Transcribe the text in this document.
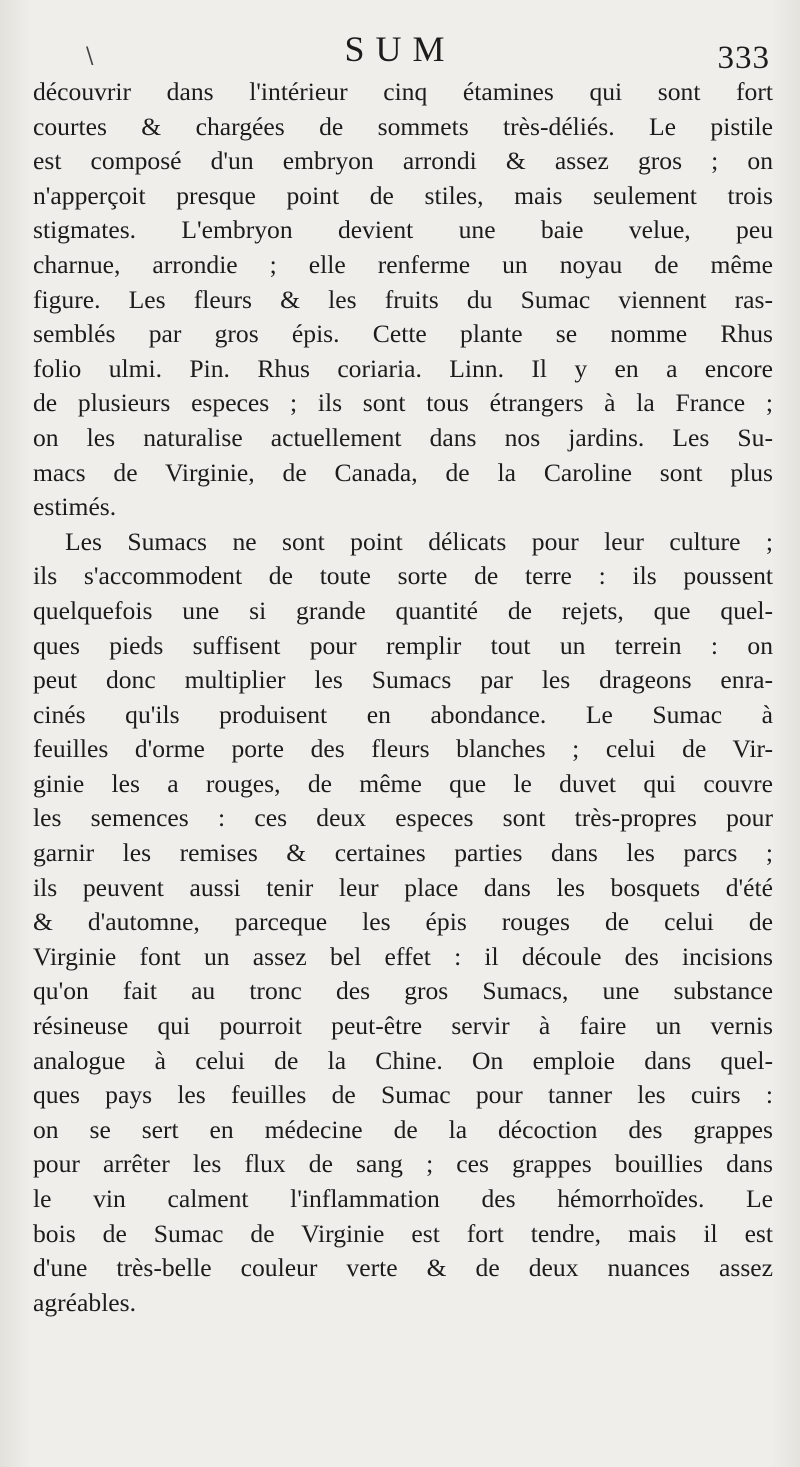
\	SUM	333
découvrir dans l'intérieur cinq étamines qui sont fort
courtes & chargées de sommets très-déliés. Le pistile
est composé d'un embryon arrondi & assez gros ; on
n'apperçoit presque point de stiles, mais seulement trois
stigmates. L'embryon devient une baie velue, peu
charnue, arrondie ; elle renferme un noyau de même
figure. Les fleurs & les fruits du Sumac viennent ras-
semblés par gros épis. Cette plante se nomme Rhus
folio ulmi. Pin. Rhus coriaria. Linn. Il y en a encore
de plusieurs especes ; ils sont tous étrangers à la France ;
on les naturalise actuellement dans nos jardins. Les Su-
macs de Virginie, de Canada, de la Caroline sont plus
estimés.
Les Sumacs ne sont point délicats pour leur culture ;
ils s'accommodent de toute sorte de terre : ils poussent
quelquefois une si grande quantité de rejets, que quel-
ques pieds suffisent pour remplir tout un terrein : on
peut donc multiplier les Sumacs par les drageons enra-
cinés qu'ils produisent en abondance. Le Sumac à
feuilles d'orme porte des fleurs blanches ; celui de Vir-
ginie les a rouges, de même que le duvet qui couvre
les semences : ces deux especes sont très-propres pour
garnir les remises & certaines parties dans les parcs ;
ils peuvent aussi tenir leur place dans les bosquets d'été
& d'automne, parceque les épis rouges de celui de
Virginie font un assez bel effet : il découle des incisions
qu'on fait au tronc des gros Sumacs, une substance
résineuse qui pourroit peut-être servir à faire un vernis
analogue à celui de la Chine. On emploie dans quel-
ques pays les feuilles de Sumac pour tanner les cuirs :
on se sert en médecine de la décoction des grappes
pour arrêter les flux de sang ; ces grappes bouillies dans
le vin calment l'inflammation des hémorrhoïdes. Le
bois de Sumac de Virginie est fort tendre, mais il est
d'une très-belle couleur verte & de deux nuances assez
agréables.
